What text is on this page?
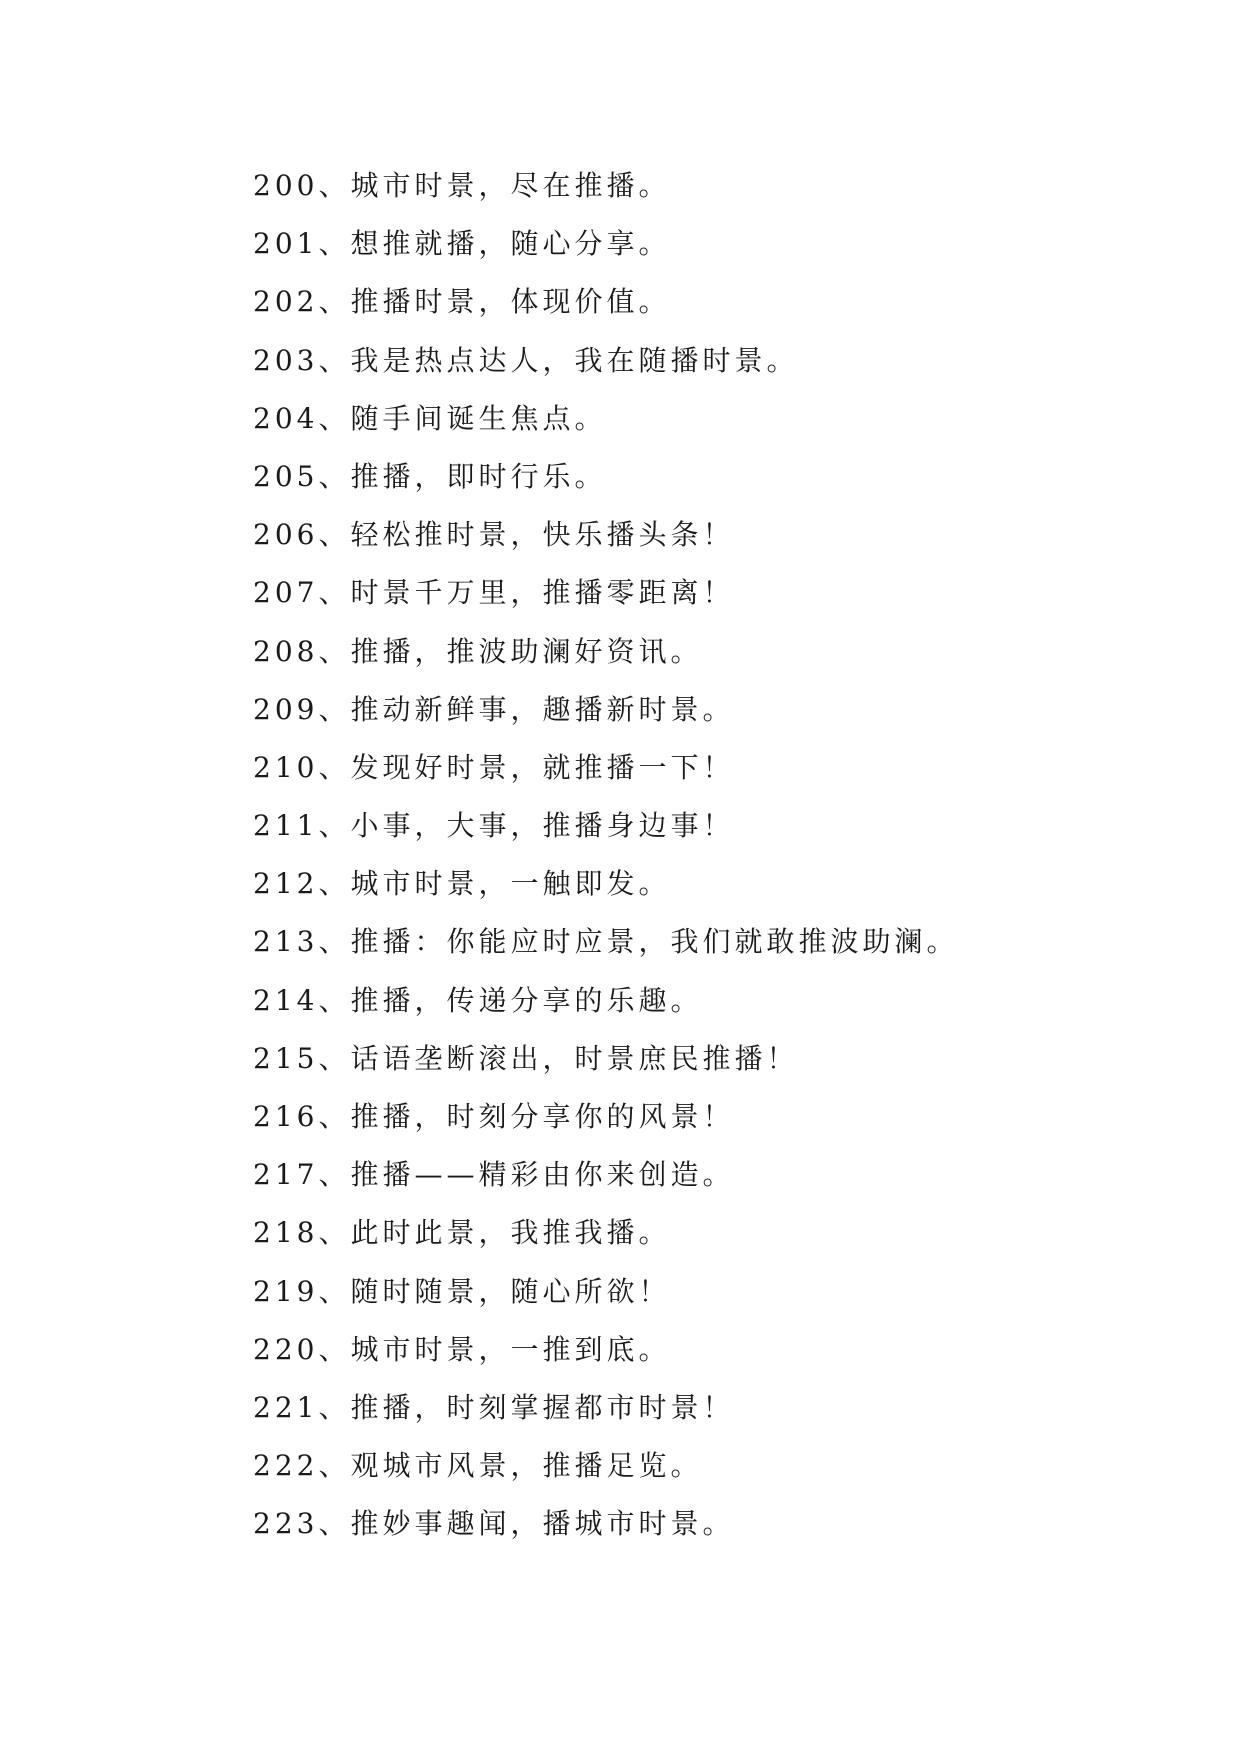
200、城市时景，尽在推播。
201、想推就播，随心分享。
202、推播时景，体现价值。
203、我是热点达人，我在随播时景。
204、随手间诞生焦点。
205、推播，即时行乐。
206、轻松推时景，快乐播头条！
207、时景千万里，推播零距离！
208、推播，推波助澜好资讯。
209、推动新鲜事，趣播新时景。
210、发现好时景，就推播一下！
211、小事，大事，推播身边事！
212、城市时景，一触即发。
213、推播：你能应时应景，我们就敢推波助澜。
214、推播，传递分享的乐趣。
215、话语垄断滚出，时景庶民推播！
216、推播，时刻分享你的风景！
217、推播——精彩由你来创造。
218、此时此景，我推我播。
219、随时随景，随心所欲！
220、城市时景，一推到底。
221、推播，时刻掌握都市时景！
222、观城市风景，推播足览。
223、推妙事趣闻，播城市时景。
